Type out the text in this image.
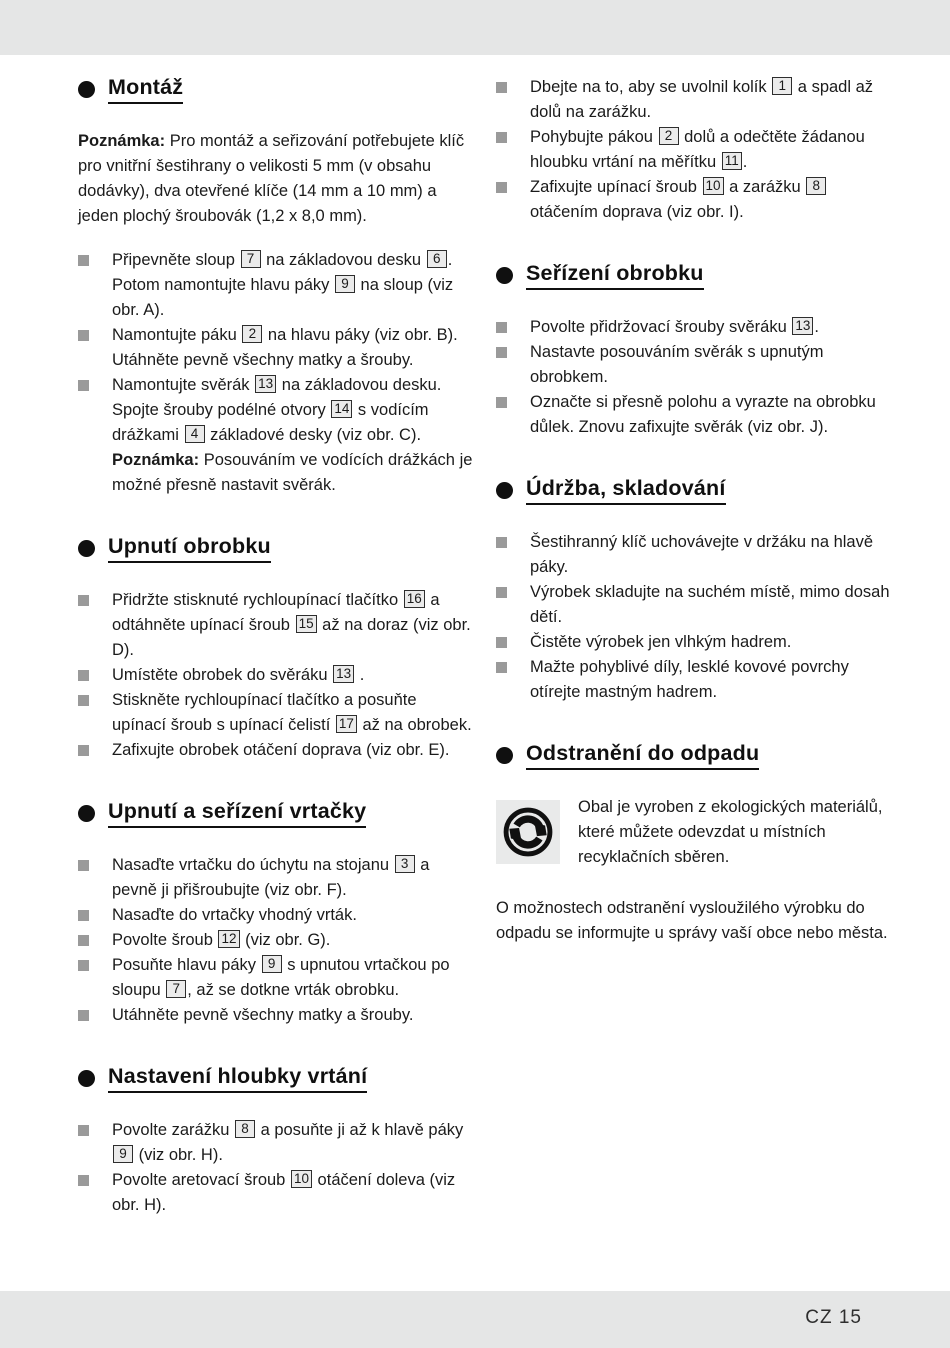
Montáž

Poznámka: Pro montáž a seřizování potřebujete klíč pro vnitřní šestihrany o velikosti 5 mm (v obsahu dodávky), dva otevřené klíče (14 mm a 10 mm) a jeden plochý šroubovák (1,2 x 8,0 mm).

Připevněte sloup 7 na základovou desku 6 . Potom namontujte hlavu páky 9 na sloup (viz obr. A).
Namontujte páku 2 na hlavu páky (viz obr. B). Utáhněte pevně všechny matky a šrouby.
Namontujte svěrák 13 na základovou desku. Spojte šrouby podélné otvory 14 s vodícím drážkami 4 základové desky (viz obr. C). Poznámka: Posouváním ve vodících drážkách je možné přesně nastavit svěrák.
Upnutí obrobku
Přidržte stisknuté rychloupínací tlačítko 16 a odtáhněte upínací šroub 15 až na doraz (viz obr. D).
Umístěte obrobek do svěráku 13 .
Stiskněte rychloupínací tlačítko a posuňte upínací šroub s upínací čelistí 17 až na obrobek.
Zafixujte obrobek otáčení doprava (viz obr. E).
Upnutí a seřízení vrtačky
Nasaďte vrtačku do úchytu na stojanu 3 a pevně ji přišroubujte (viz obr. F).
Nasaďte do vrtačky vhodný vrták.
Povolte šroub 12 (viz obr. G).
Posuňte hlavu páky 9 s upnutou vrtačkou po sloupu 7 , až se dotkne vrták obrobku.
Utáhněte pevně všechny matky a šrouby.
Nastavení hloubky vrtání
Povolte zarážku 8 a posuňte ji až k hlavě páky 9 (viz obr. H).
Povolte aretovací šroub 10 otáčení doleva (viz obr. H).
Dbejte na to, aby se uvolnil kolík 1 a spadl až dolů na zarážku.
Pohybujte pákou 2 dolů a odečtěte žádanou hloubku vrtání na měřítku 11 .
Zafixujte upínací šroub 10 a zarážku 8 otáčením doprava (viz obr. I).
Seřízení obrobku
Povolte přidržovací šrouby svěráku 13 .
Nastavte posouváním svěrák s upnutým obrobkem.
Označte si přesně polohu a vyrazte na obrobku důlek. Znovu zafixujte svěrák (viz obr. J).
Údržba, skladování
Šestihranný klíč uchovávejte v držáku na hlavě páky.
Výrobek skladujte na suchém místě, mimo dosah dětí.
Čistěte výrobek jen vlhkým hadrem.
Mažte pohyblivé díly, lesklé kovové povrchy otírejte mastným hadrem.
Odstranění do odpadu

Obal je vyroben z ekologických materiálů, které můžete odevzdat u místních recyklačních sběren.

O možnostech odstranění vysloužilého výrobku do odpadu se informujte u správy vaší obce nebo města.

CZ 15
